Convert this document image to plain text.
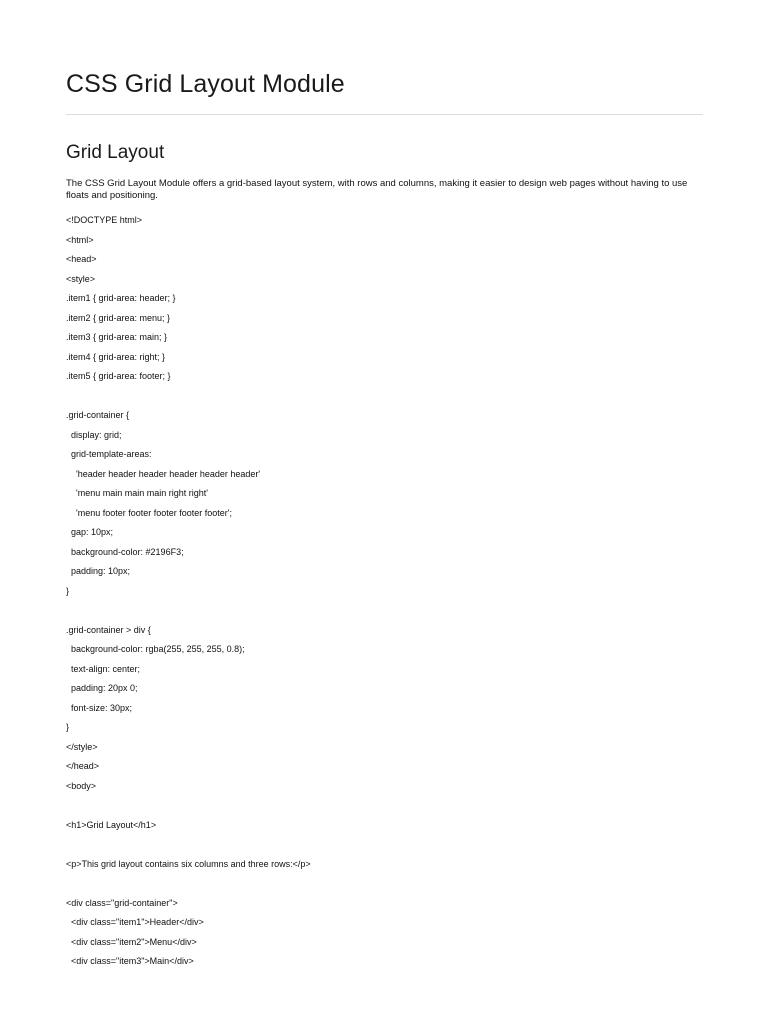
CSS Grid Layout Module
Grid Layout

The CSS Grid Layout Module offers a grid-based layout system, with rows and columns, making it easier to design web pages without having to use floats and positioning.

<!DOCTYPE html>
<html>
<head>
<style>
.item1 { grid-area: header; }
.item2 { grid-area: menu; }
.item3 { grid-area: main; }
.item4 { grid-area: right; }
.item5 { grid-area: footer; }
.grid-container {
display: grid;
grid-template-areas:
'header header header header header header'
'menu main main main right right'
'menu footer footer footer footer footer';
gap: 10px;
background-color: #2196F3;
padding: 10px;
}
.grid-container > div {
background-color: rgba(255, 255, 255, 0.8);
text-align: center;
padding: 20px 0;
font-size: 30px;
}
</style>
</head>
<body>
<h1>Grid Layout</h1>
<p>This grid layout contains six columns and three rows:</p>
<div class="grid-container">
<div class="item1">Header</div>
<div class="item2">Menu</div>
<div class="item3">Main</div>
